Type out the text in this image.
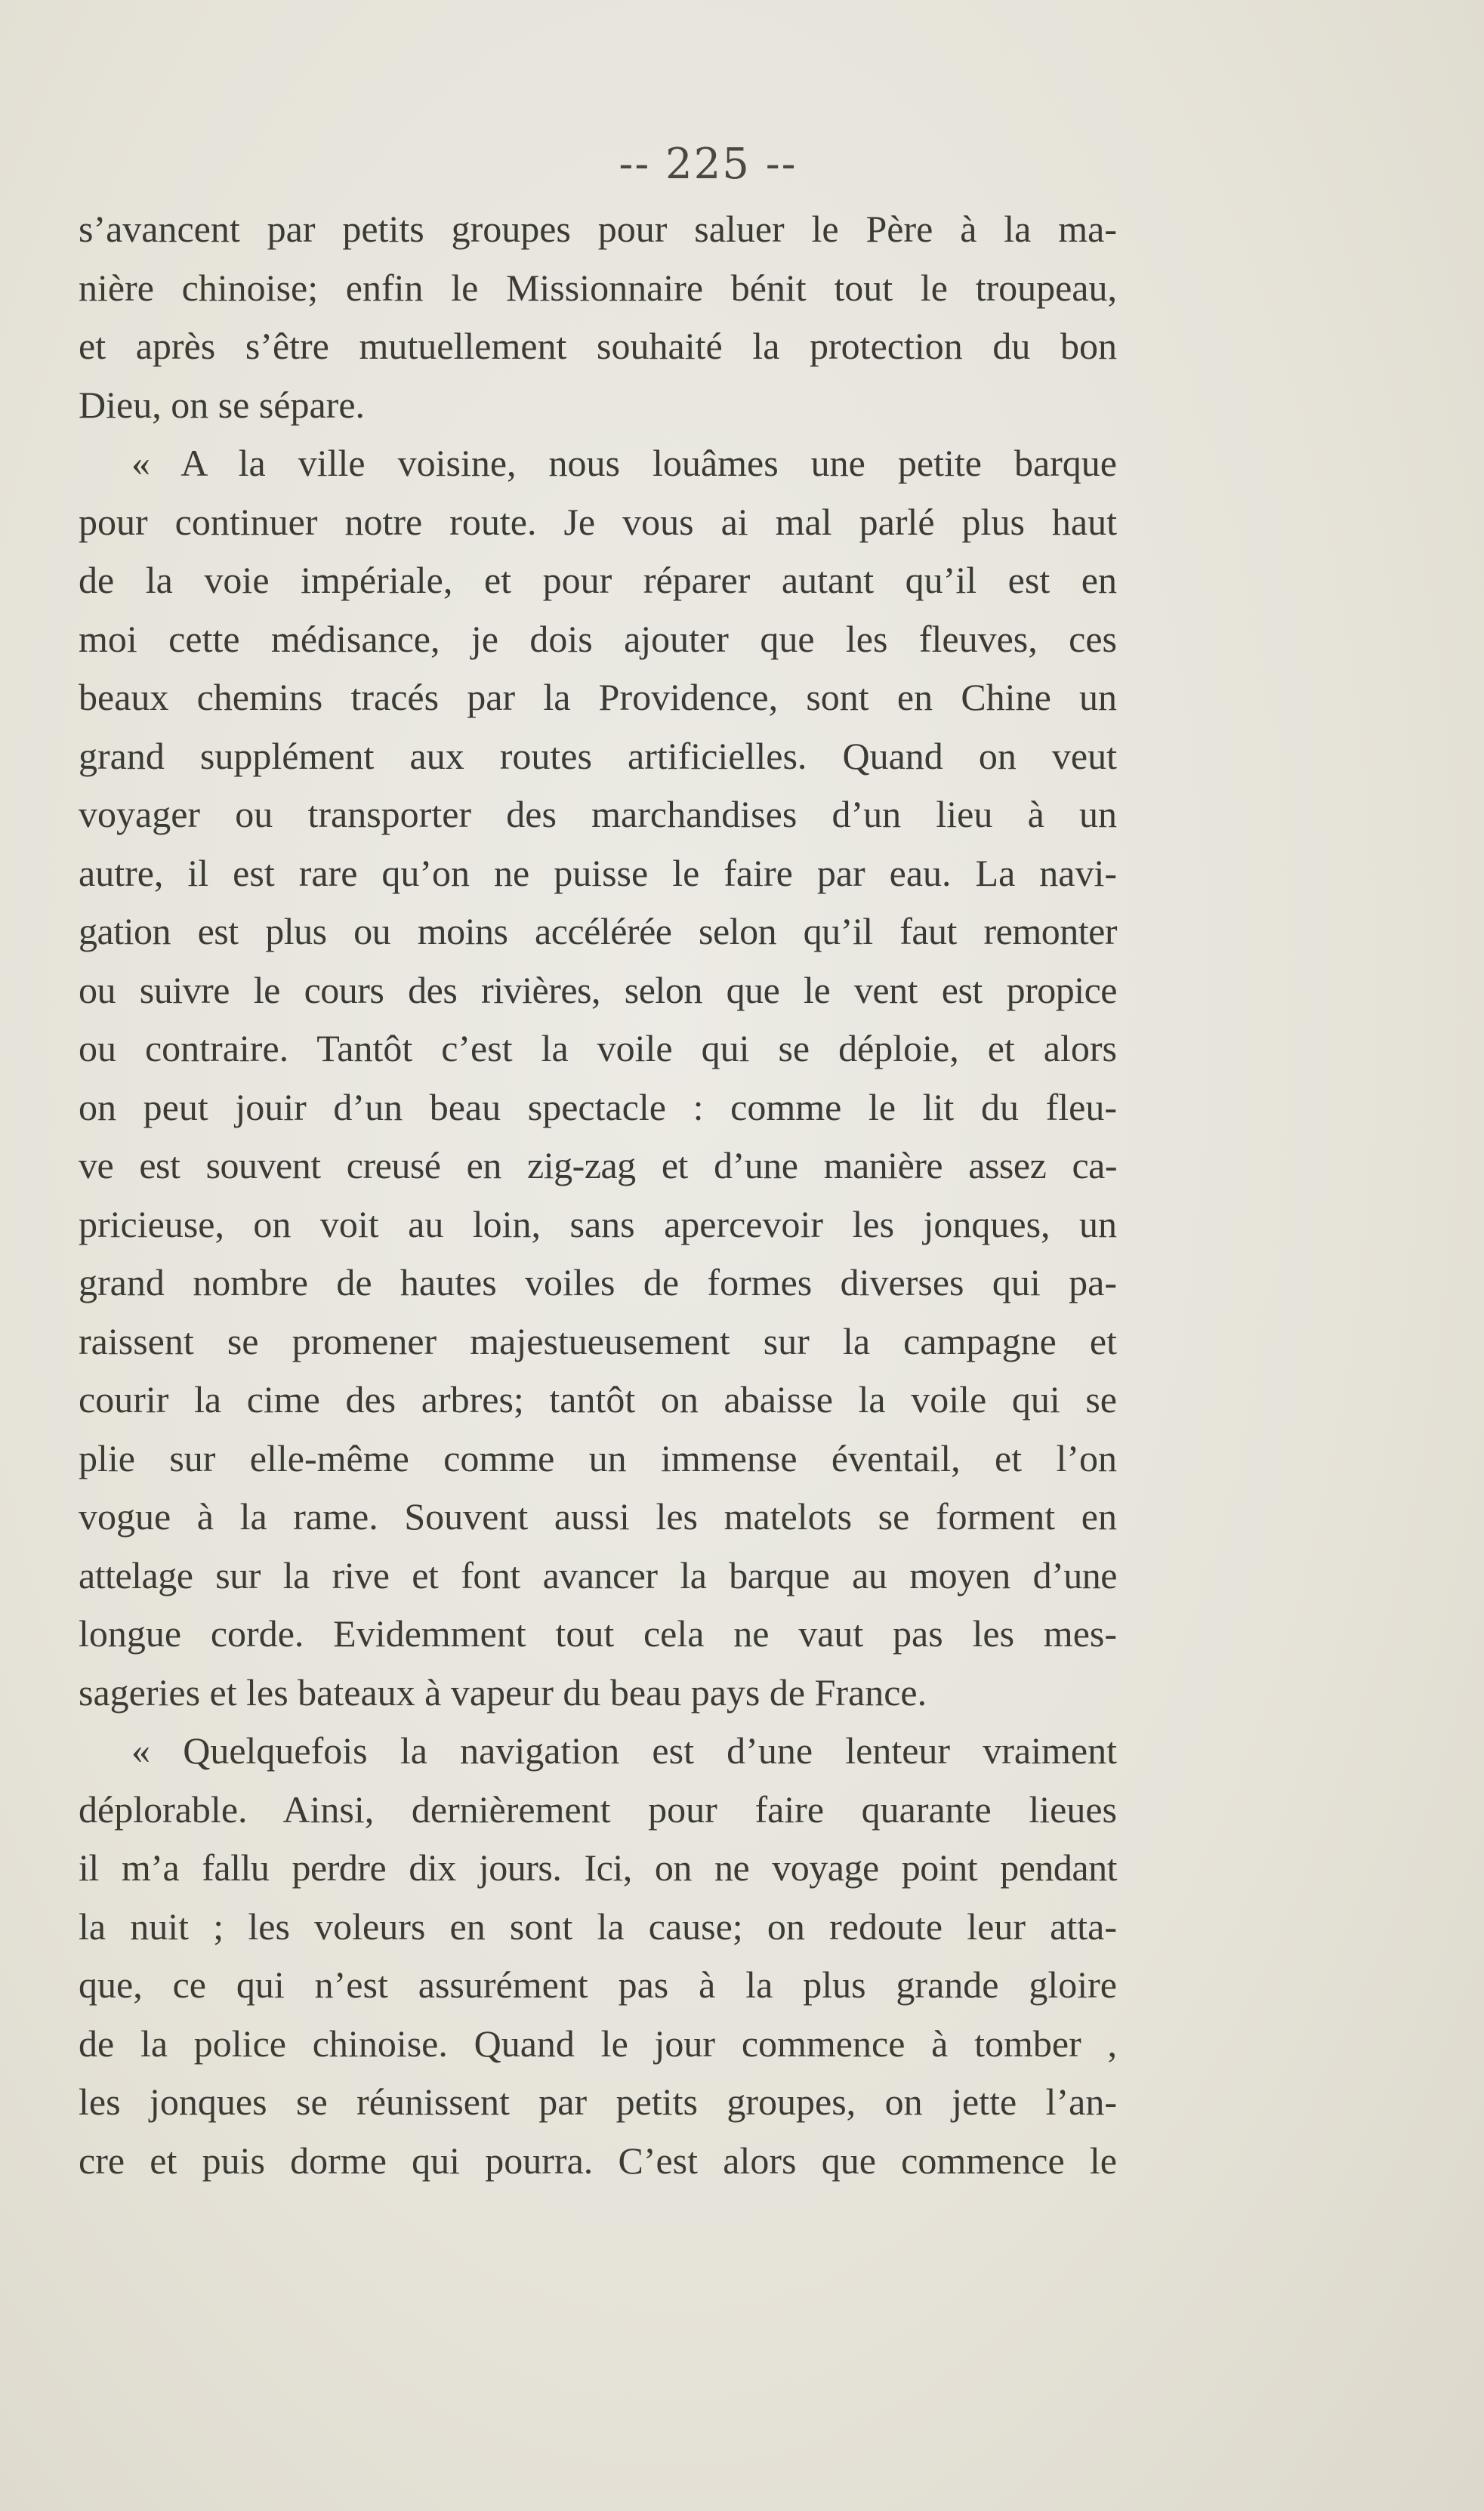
-- 225 --
s’avancent par petits groupes pour saluer le Père à la ma-
nière chinoise; enfin le Missionnaire bénit tout le troupeau,
et après s’être mutuellement souhaité la protection du bon
Dieu, on se sépare.
« A la ville voisine, nous louâmes une petite barque
pour continuer notre route. Je vous ai mal parlé plus haut
de la voie impériale, et pour réparer autant qu’il est en
moi cette médisance, je dois ajouter que les fleuves, ces
beaux chemins tracés par la Providence, sont en Chine un
grand supplément aux routes artificielles. Quand on veut
voyager ou transporter des marchandises d’un lieu à un
autre, il est rare qu’on ne puisse le faire par eau. La navi-
gation est plus ou moins accélérée selon qu’il faut remonter
ou suivre le cours des rivières, selon que le vent est propice
ou contraire. Tantôt c’est la voile qui se déploie, et alors
on peut jouir d’un beau spectacle : comme le lit du fleu-
ve est souvent creusé en zig-zag et d’une manière assez ca-
pricieuse, on voit au loin, sans apercevoir les jonques, un
grand nombre de hautes voiles de formes diverses qui pa-
raissent se promener majestueusement sur la campagne et
courir la cime des arbres; tantôt on abaisse la voile qui se
plie sur elle-même comme un immense éventail, et l’on
vogue à la rame. Souvent aussi les matelots se forment en
attelage sur la rive et font avancer la barque au moyen d’une
longue corde. Evidemment tout cela ne vaut pas les mes-
sageries et les bateaux à vapeur du beau pays de France.
« Quelquefois la navigation est d’une lenteur vraiment
déplorable. Ainsi, dernièrement pour faire quarante lieues
il m’a fallu perdre dix jours. Ici, on ne voyage point pendant
la nuit ; les voleurs en sont la cause; on redoute leur atta-
que, ce qui n’est assurément pas à la plus grande gloire
de la police chinoise. Quand le jour commence à tomber ,
les jonques se réunissent par petits groupes, on jette l’an-
cre et puis dorme qui pourra. C’est alors que commence le
